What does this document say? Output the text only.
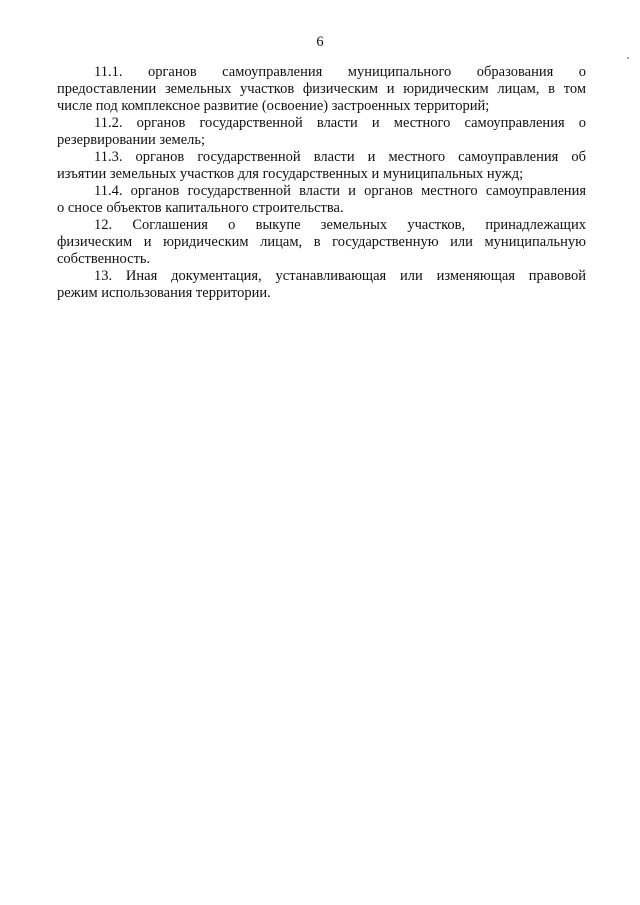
6

11.1. органов самоуправления муниципального образования о
предоставлении земельных участков физическим и юридическим лицам, в том
числе под комплексное развитие (освоение) застроенных территорий;

11.2. органов государственной власти и местного самоуправления о
резервировании земель;

11.3. органов государственной власти и местного самоуправления об
изъятии земельных участков для государственных и муниципальных нужд;

11.4. органов государственной власти и органов местного самоуправления
о сносе объектов капитального строительства.

12. Соглашения о выкупе земельных участков, принадлежащих
физическим и юридическим лицам, в государственную или муниципальную
собственность.

13. Иная документация, устанавливающая или изменяющая правовой
режим использования территории.
